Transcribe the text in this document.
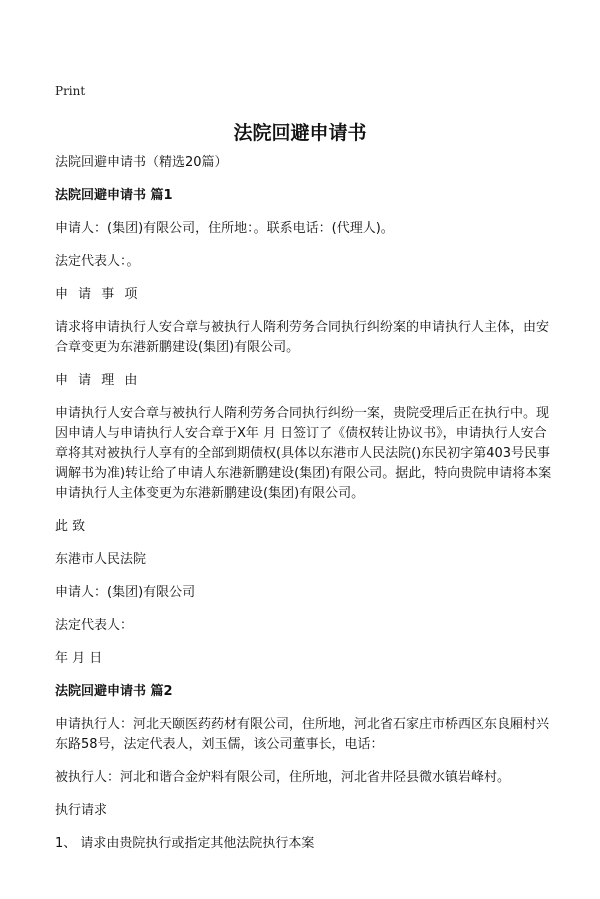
Print
法院回避申请书

法院回避申请书（精选20篇）

法院回避申请书 篇1

申请人：(集团)有限公司，住所地：。联系电话：(代理人)。

法定代表人：。

申 请 事 项

请求将申请执行人安合章与被执行人隋利劳务合同执行纠纷案的申请执行人主体，由安合章变更为东港新鹏建设(集团)有限公司。

申 请 理 由

申请执行人安合章与被执行人隋利劳务合同执行纠纷一案，贵院受理后正在执行中。现因申请人与申请执行人安合章于X年 月 日签订了《债权转让协议书》，申请执行人安合章将其对被执行人享有的全部到期债权(具体以东港市人民法院()东民初字第403号民事调解书为准)转让给了申请人东港新鹏建设(集团)有限公司。据此，特向贵院申请将本案申请执行人主体变更为东港新鹏建设(集团)有限公司。

此 致

东港市人民法院

申请人：(集团)有限公司

法定代表人：

年 月 日

法院回避申请书 篇2

申请执行人：河北天颐医药药材有限公司，住所地，河北省石家庄市桥西区东良厢村兴东路58号，法定代表人，刘玉儒，该公司董事长，电话：

被执行人：河北和谐合金炉料有限公司，住所地，河北省井陉县微水镇岩峰村。

执行请求

1、 请求由贵院执行或指定其他法院执行本案
